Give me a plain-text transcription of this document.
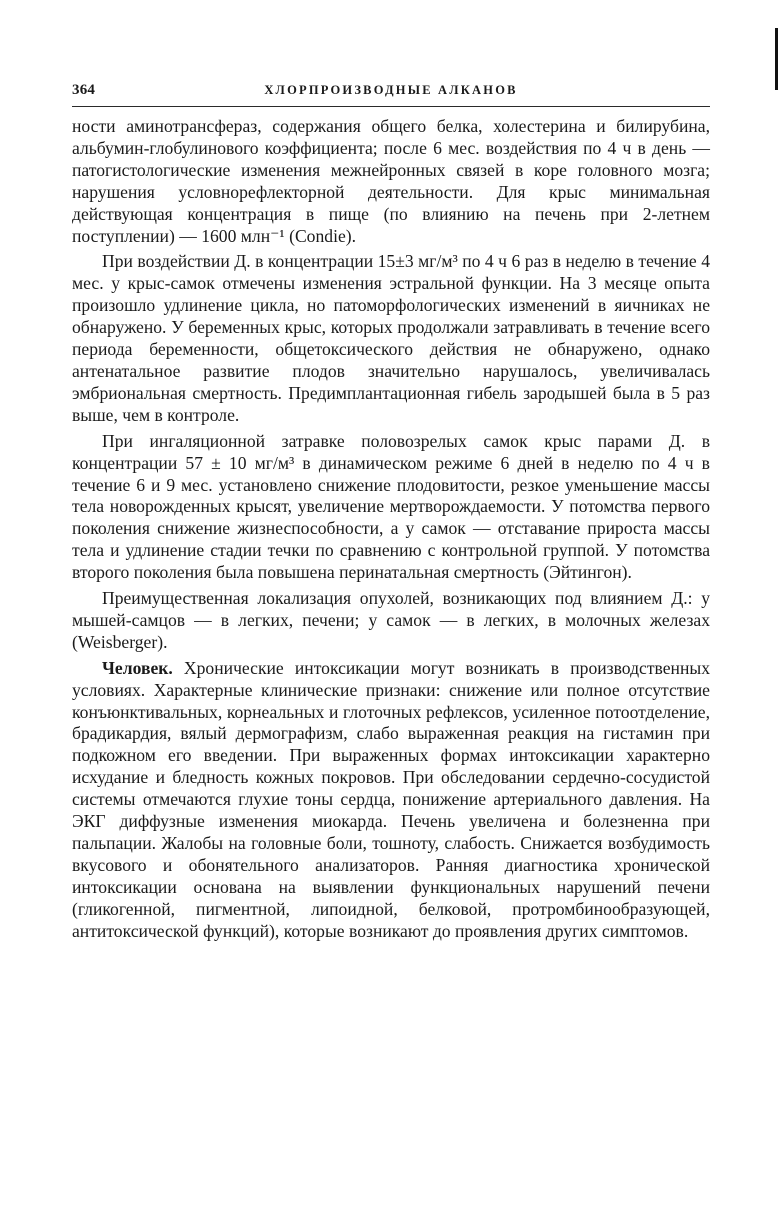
364	ХЛОРПРОИЗВОДНЫЕ АЛКАНОВ

ности аминотрансфераз, содержания общего белка, холестерина и билирубина, альбумин-глобулинового коэффициента; после 6 мес. воздействия по 4 ч в день — патогистологические изменения межнейронных связей в коре головного мозга; нарушения условнорефлекторной деятельности. Для крыс минимальная действующая концентрация в пище (по влиянию на печень при 2-летнем поступлении) — 1600 млн⁻¹ (Condie).

При воздействии Д. в концентрации 15±3 мг/м³ по 4 ч 6 раз в неделю в течение 4 мес. у крыс-самок отмечены изменения эстральной функции. На 3 месяце опыта произошло удлинение цикла, но патоморфологических изменений в яичниках не обнаружено. У беременных крыс, которых продолжали затравливать в течение всего периода беременности, общетоксического действия не обнаружено, однако антенатальное развитие плодов значительно нарушалось, увеличивалась эмбриональная смертность. Предимплантационная гибель зародышей была в 5 раз выше, чем в контроле.

При ингаляционной затравке половозрелых самок крыс парами Д. в концентрации 57 ± 10 мг/м³ в динамическом режиме 6 дней в неделю по 4 ч в течение 6 и 9 мес. установлено снижение плодовитости, резкое уменьшение массы тела новорожденных крысят, увеличение мертворождаемости. У потомства первого поколения снижение жизнеспособности, а у самок — отставание прироста массы тела и удлинение стадии течки по сравнению с контрольной группой. У потомства второго поколения была повышена перинатальная смертность (Эйтингон).

Преимущественная локализация опухолей, возникающих под влиянием Д.: у мышей-самцов — в легких, печени; у самок — в легких, в молочных железах (Weisberger).

Человек. Хронические интоксикации могут возникать в производственных условиях. Характерные клинические признаки: снижение или полное отсутствие конъюнктивальных, корнеальных и глоточных рефлексов, усиленное потоотделение, брадикардия, вялый дермографизм, слабо выраженная реакция на гистамин при подкожном его введении. При выраженных формах интоксикации характерно исхудание и бледность кожных покровов. При обследовании сердечно-сосудистой системы отмечаются глухие тоны сердца, понижение артериального давления. На ЭКГ диффузные изменения миокарда. Печень увеличена и болезненна при пальпации. Жалобы на головные боли, тошноту, слабость. Снижается возбудимость вкусового и обонятельного анализаторов. Ранняя диагностика хронической интоксикации основана на выявлении функциональных нарушений печени (гликогенной, пигментной, липоидной, белковой, протромбинообразующей, антитоксической функций), которые возникают до проявления других симптомов.
